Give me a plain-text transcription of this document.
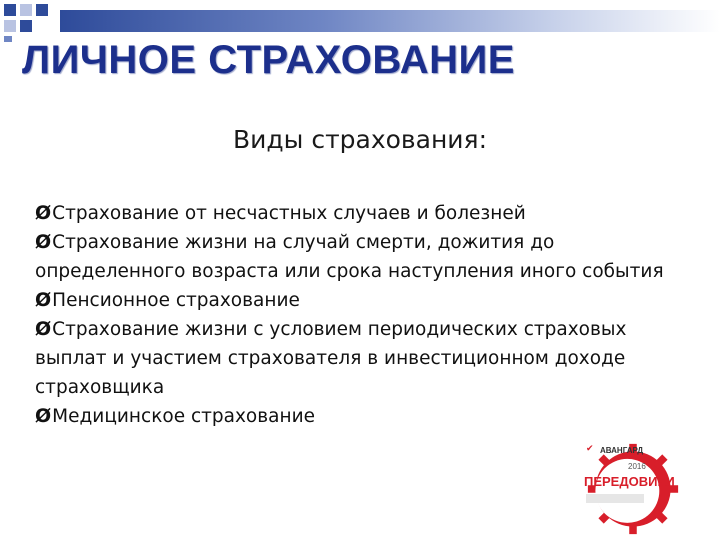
ЛИЧНОЕ СТРАХОВАНИЕ
Виды страхования:
ØСтрахование от несчастных случаев и болезней
ØСтрахование жизни на случай смерти, дожития до определенного возраста или срока наступления иного события
ØПенсионное страхование
ØСтрахование жизни с условием периодических страховых выплат и участием страхователя в инвестиционном доходе страховщика
ØМедицинское страхование
✔ АВАНГАРД
2016
ПЕРЕДОВИКИ
